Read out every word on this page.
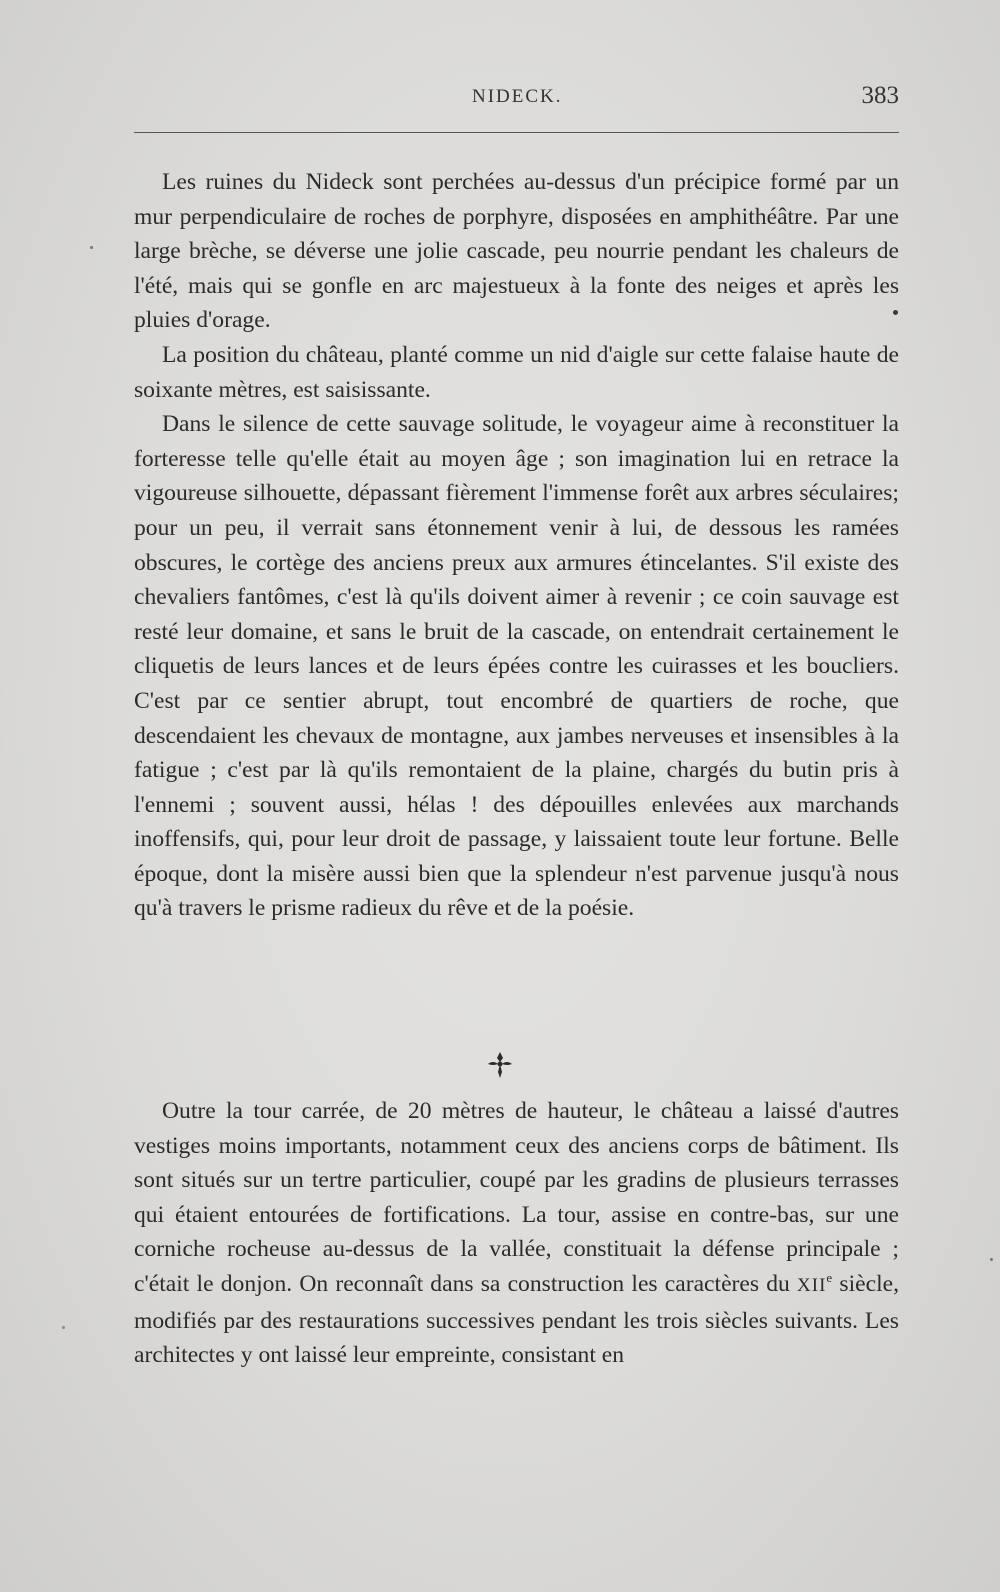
NIDECK.	383

Les ruines du Nideck sont perchées au-dessus d'un précipice formé par un mur perpendiculaire de roches de porphyre, disposées en amphithéâtre. Par une large brèche, se déverse une jolie cascade, peu nourrie pendant les chaleurs de l'été, mais qui se gonfle en arc majestueux à la fonte des neiges et après les pluies d'orage.

La position du château, planté comme un nid d'aigle sur cette falaise haute de soixante mètres, est saisissante.

Dans le silence de cette sauvage solitude, le voyageur aime à reconstituer la forteresse telle qu'elle était au moyen âge ; son imagination lui en retrace la vigoureuse silhouette, dépassant fièrement l'immense forêt aux arbres séculaires; pour un peu, il verrait sans étonnement venir à lui, de dessous les ramées obscures, le cortège des anciens preux aux armures étincelantes. S'il existe des chevaliers fantômes, c'est là qu'ils doivent aimer à revenir ; ce coin sauvage est resté leur domaine, et sans le bruit de la cascade, on entendrait certainement le cliquetis de leurs lances et de leurs épées contre les cuirasses et les boucliers. C'est par ce sentier abrupt, tout encombré de quartiers de roche, que descendaient les chevaux de montagne, aux jambes nerveuses et insensibles à la fatigue ; c'est par là qu'ils remontaient de la plaine, chargés du butin pris à l'ennemi ; souvent aussi, hélas ! des dépouilles enlevées aux marchands inoffensifs, qui, pour leur droit de passage, y laissaient toute leur fortune. Belle époque, dont la misère aussi bien que la splendeur n'est parvenue jusqu'à nous qu'à travers le prisme radieux du rêve et de la poésie.

Outre la tour carrée, de 20 mètres de hauteur, le château a laissé d'autres vestiges moins importants, notamment ceux des anciens corps de bâtiment. Ils sont situés sur un tertre particulier, coupé par les gradins de plusieurs terrasses qui étaient entourées de fortifications. La tour, assise en contre-bas, sur une corniche rocheuse au-dessus de la vallée, constituait la défense principale ; c'était le donjon. On reconnaît dans sa construction les caractères du XIIe siècle, modifiés par des restaurations successives pendant les trois siècles suivants. Les architectes y ont laissé leur empreinte, consistant en
